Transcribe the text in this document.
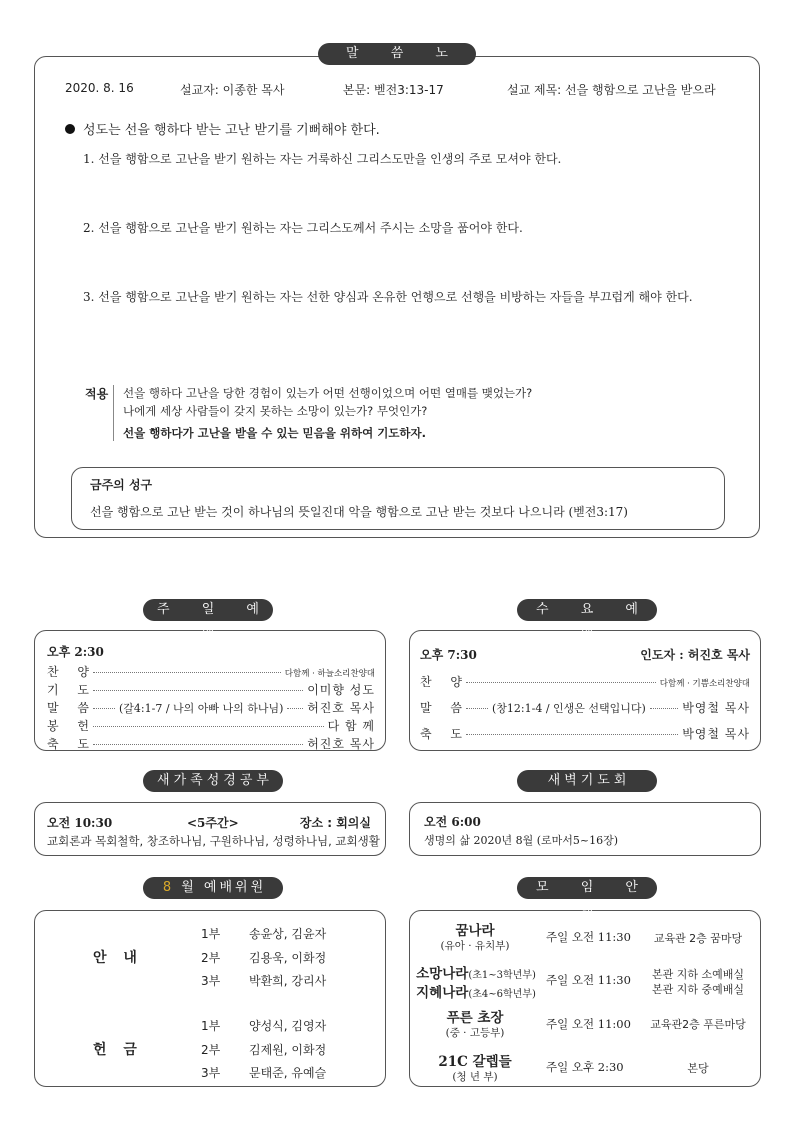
말 씀 노 트
2020. 8. 16	설교자: 이종한 목사	본문: 벧전3:13-17	설교 제목: 선을 행함으로 고난을 받으라
성도는 선을 행하다 받는 고난 받기를 기뻐해야 한다.
1. 선을 행함으로 고난을 받기 원하는 자는 거룩하신 그리스도만을 인생의 주로 모셔야 한다.
2. 선을 행함으로 고난을 받기 원하는 자는 그리스도께서 주시는 소망을 품어야 한다.
3. 선을 행함으로 고난을 받기 원하는 자는 선한 양심과 온유한 언행으로 선행을 비방하는 자들을 부끄럽게 해야 한다.
적용 선을 행하다 고난을 당한 경험이 있는가 어떤 선행이었으며 어떤 열매를 맺었는가?
나에게 세상 사람들이 갖지 못하는 소망이 있는가? 무엇인가?
선을 행하다가 고난을 받을 수 있는 믿음을 위하여 기도하자.
금주의 성구
선을 행함으로 고난 받는 것이 하나님의 뜻일진대 악을 행함으로 고난 받는 것보다 나으니라 (벧전3:17)
주 일 예 배
오후 2:30
찬 양	다함께 · 하늘소리찬양대
기 도	이미향 성도
말 씀	(갈4:1-7 / 나의 아빠 나의 하나님) 허진호 목사
봉 헌	다 함 께
축 도	허진호 목사
수 요 예 배
오후 7:30	인도자 : 허진호 목사
찬 양	다함께 · 기쁨소리찬양대
말 씀	(창12:1-4 / 인생은 선택입니다)	박영철 목사
축 도	박영철 목사
새가족성경공부
오전 10:30	<5주간>	장소 : 회의실
교회론과 목회철학, 창조하나님, 구원하나님, 성령하나님, 교회생활
새벽기도회
오전 6:00
생명의 삶 2020년 8월 (로마서5~16장)
8 월 예배위원
안 내
1부 송윤상, 김윤자
2부 김용욱, 이화정
3부 박환희, 강리사
헌 금
1부 양성식, 김영자
2부 김제원, 이화정
3부 문태준, 유예슬
모 임 안 내
꿈나라
(유아 · 유치부)
주일 오전 11:30	교육관 2층 꿈마당
소망나라(초1~3학년부)
지혜나라(초4~6학년부)
주일 오전 11:30	본관 지하 소예배실
본관 지하 중예배실
푸른 초장
(중 · 고등부)
주일 오전 11:00	교육관2층 푸른마당
21C 갈렙들
(청 년 부)
주일 오후 2:30	본당
